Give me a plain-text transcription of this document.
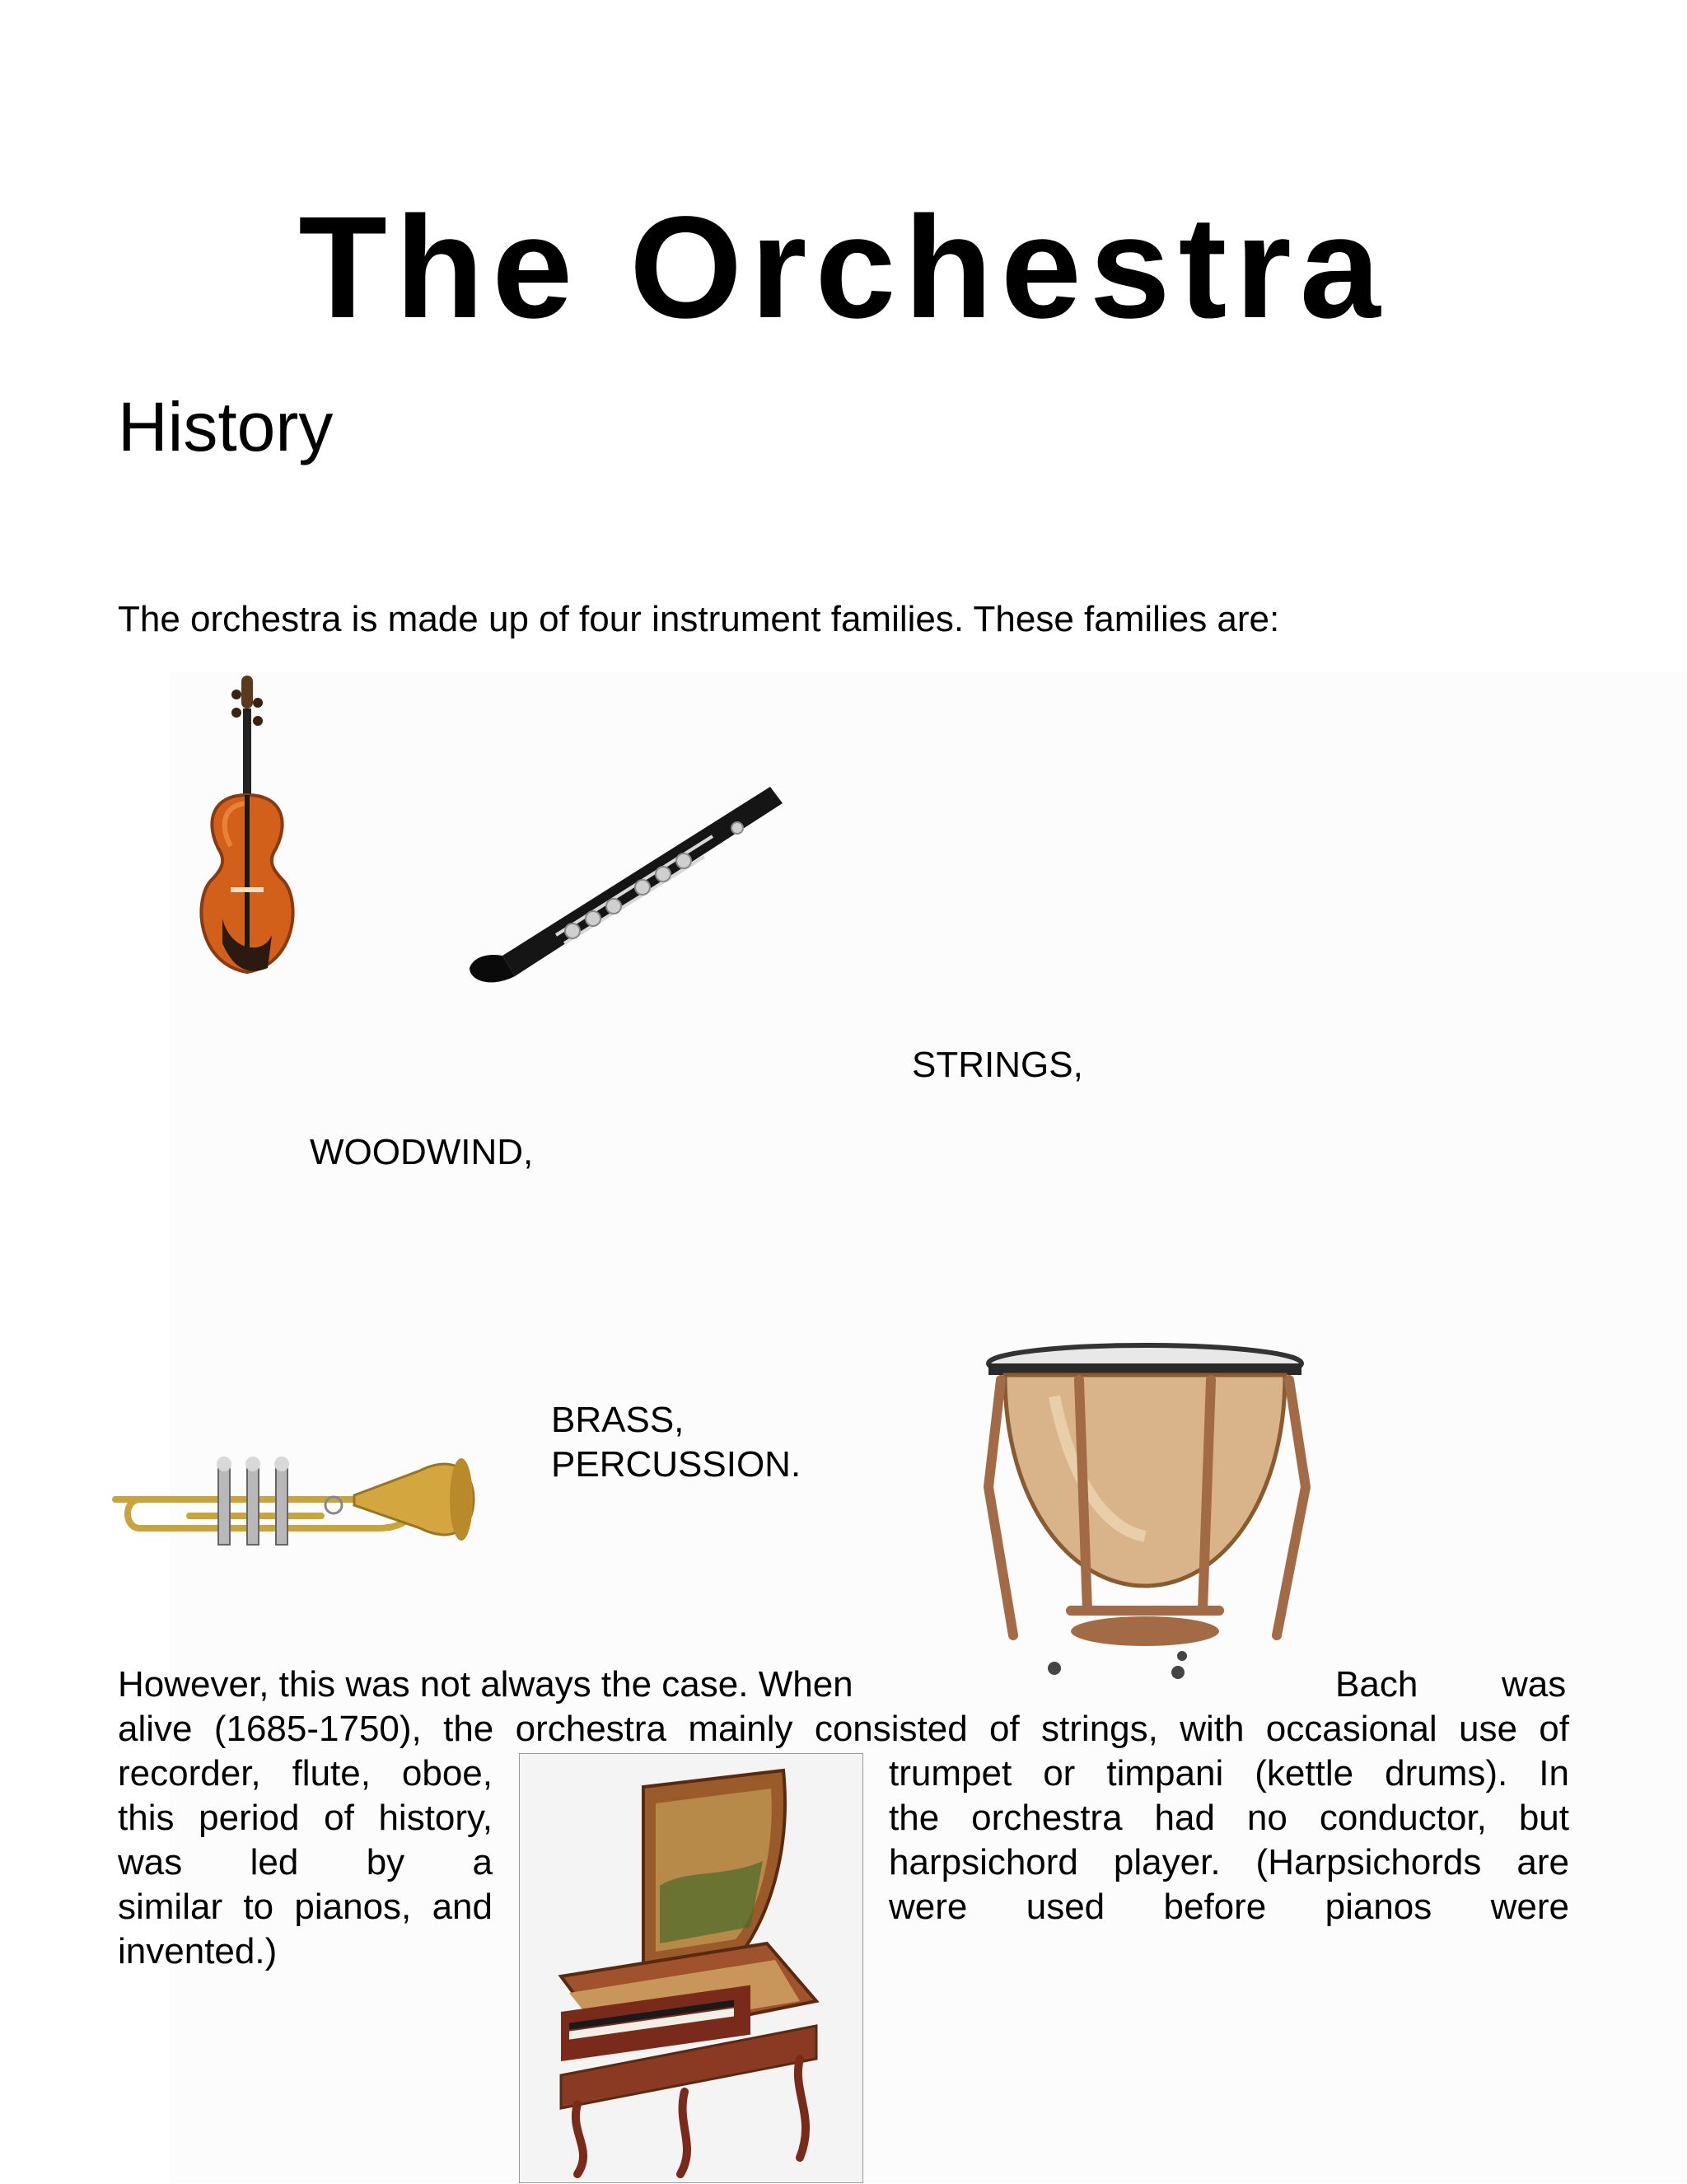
The Orchestra
History
The orchestra is made up of four instrument families. These families are:
STRINGS,
WOODWIND,
BRASS,
PERCUSSION.
However, this was not always the case. When	Bach was
alive (1685-1750), the orchestra mainly consisted of strings, with occasional use of
recorder, flute, oboe,
this period of history,
was led by a
similar to pianos, and
invented.)
trumpet or timpani (kettle drums). In
the orchestra had no conductor, but
harpsichord player. (Harpsichords are
were used before pianos were
